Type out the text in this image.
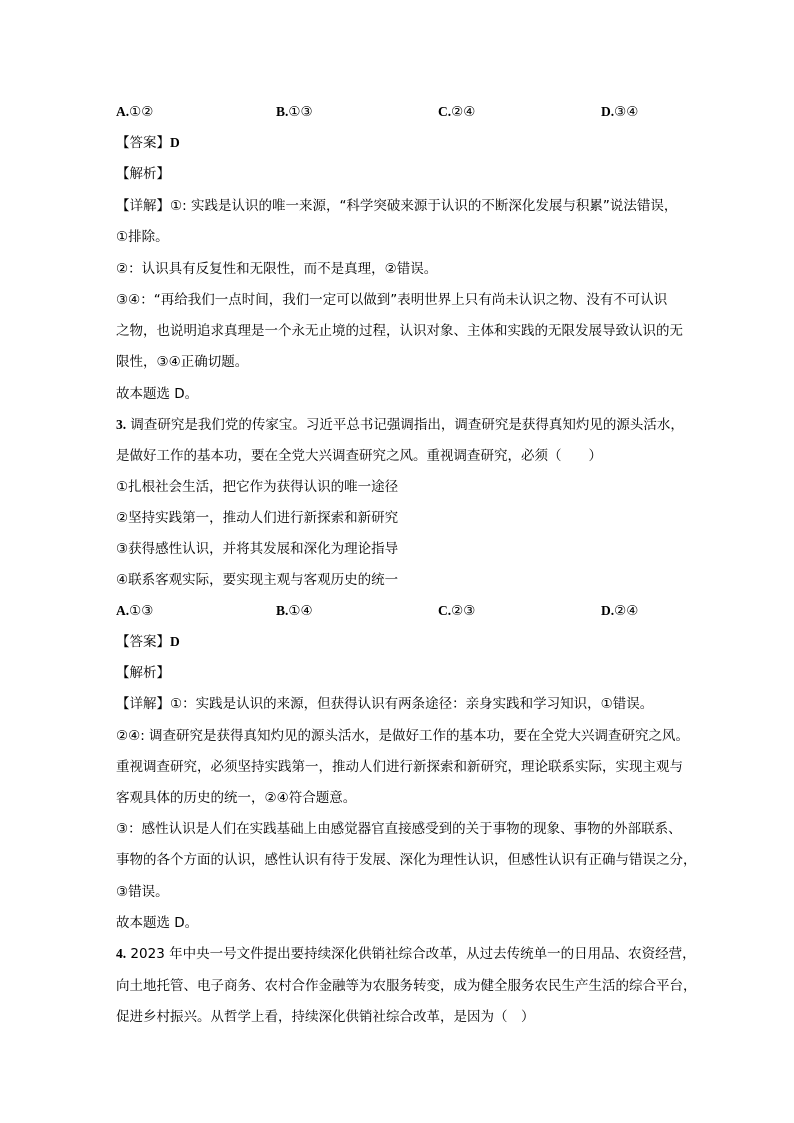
A.①②	B.①③	C.②④	D.③④
【答案】D
【解析】
【详解】①: 实践是认识的唯一来源，“科学突破来源于认识的不断深化发展与积累”说法错误，
①排除。
②：认识具有反复性和无限性，而不是真理，②错误。
③④：“再给我们一点时间，我们一定可以做到”表明世界上只有尚未认识之物、没有不可认识
之物，也说明追求真理是一个永无止境的过程，认识对象、主体和实践的无限发展导致认识的无
限性，③④正确切题。
故本题选 D。
3. 调查研究是我们党的传家宝。习近平总书记强调指出，调查研究是获得真知灼见的源头活水，
是做好工作的基本功，要在全党大兴调查研究之风。重视调查研究，必须（　　）
①扎根社会生活，把它作为获得认识的唯一途径
②坚持实践第一，推动人们进行新探索和新研究
③获得感性认识，并将其发展和深化为理论指导
④联系客观实际，要实现主观与客观历史的统一
A.①③	B.①④	C.②③	D.②④
【答案】D
【解析】
【详解】①：实践是认识的来源，但获得认识有两条途径：亲身实践和学习知识，①错误。
②④: 调查研究是获得真知灼见的源头活水，是做好工作的基本功，要在全党大兴调查研究之风。
重视调查研究，必须坚持实践第一，推动人们进行新探索和新研究，理论联系实际，实现主观与
客观具体的历史的统一，②④符合题意。
③：感性认识是人们在实践基础上由感觉器官直接感受到的关于事物的现象、事物的外部联系、
事物的各个方面的认识，感性认识有待于发展、深化为理性认识，但感性认识有正确与错误之分，
③错误。
故本题选 D。
4. 2023 年中央一号文件提出要持续深化供销社综合改革，从过去传统单一的日用品、农资经营，
向土地托管、电子商务、农村合作金融等为农服务转变，成为健全服务农民生产生活的综合平台，
促进乡村振兴。从哲学上看，持续深化供销社综合改革，是因为（　）
